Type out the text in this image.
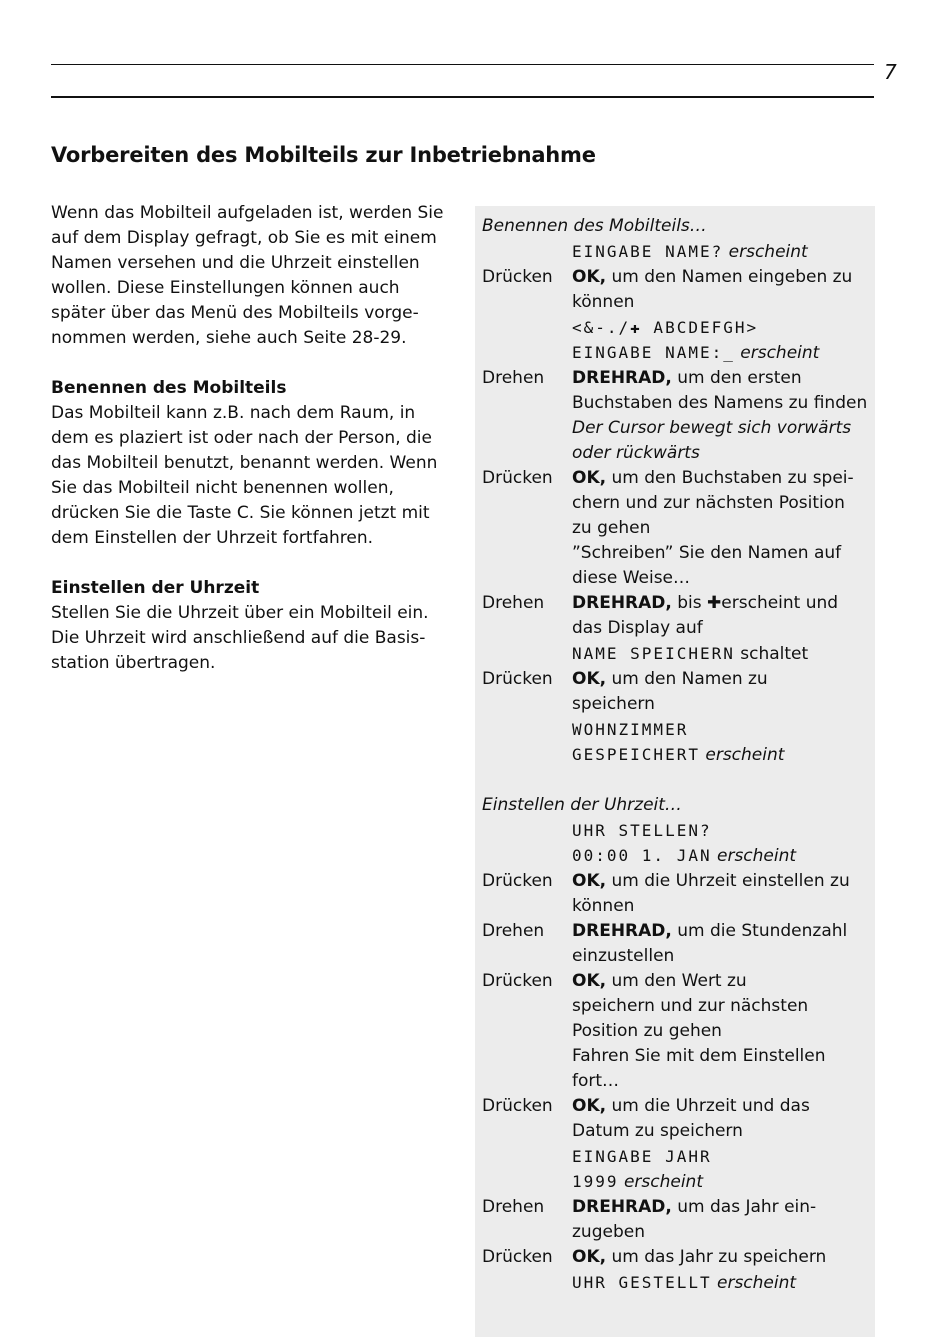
7
Vorbereiten des Mobilteils zur Inbetriebnahme

Wenn das Mobilteil aufgeladen ist, werden Sie
auf dem Display gefragt, ob Sie es mit einem
Namen versehen und die Uhrzeit einstellen
wollen. Diese Einstellungen können auch
später über das Menü des Mobilteils vorge-
nommen werden, siehe auch Seite 28-29.

Benennen des Mobilteils

Das Mobilteil kann z.B. nach dem Raum, in
dem es plaziert ist oder nach der Person, die
das Mobilteil benutzt, benannt werden. Wenn
Sie das Mobilteil nicht benennen wollen,
drücken Sie die Taste C. Sie können jetzt mit
dem Einstellen der Uhrzeit fortfahren.

Einstellen der Uhrzeit

Stellen Sie die Uhrzeit über ein Mobilteil ein.
Die Uhrzeit wird anschließend auf die Basis-
station übertragen.

Benennen des Mobilteils…
EINGABE NAME? erscheint
Drücken	OK, um den Namen eingeben zu
können
<&-./✚ ABCDEFGH>
EINGABE NAME:_ erscheint
Drehen	DREHRAD, um den ersten
Buchstaben des Namens zu finden
Der Cursor bewegt sich vorwärts
oder rückwärts
Drücken	OK, um den Buchstaben zu spei-
chern und zur nächsten Position
zu gehen
”Schreiben” Sie den Namen auf
diese Weise…
Drehen	DREHRAD, bis ✚erscheint und
das Display auf
NAME SPEICHERN schaltet
Drücken	OK, um den Namen zu
speichern
WOHNZIMMER
GESPEICHERT erscheint
Einstellen der Uhrzeit…
UHR STELLEN?
00:00 1. JAN erscheint
Drücken	OK, um die Uhrzeit einstellen zu
können
Drehen	DREHRAD, um die Stundenzahl
einzustellen
Drücken	OK, um den Wert zu
speichern und zur nächsten
Position zu gehen
Fahren Sie mit dem Einstellen
fort…
Drücken	OK, um die Uhrzeit und das
Datum zu speichern
EINGABE JAHR
1999 erscheint
Drehen	DREHRAD, um das Jahr ein-
zugeben
Drücken	OK, um das Jahr zu speichern
UHR GESTELLT erscheint
